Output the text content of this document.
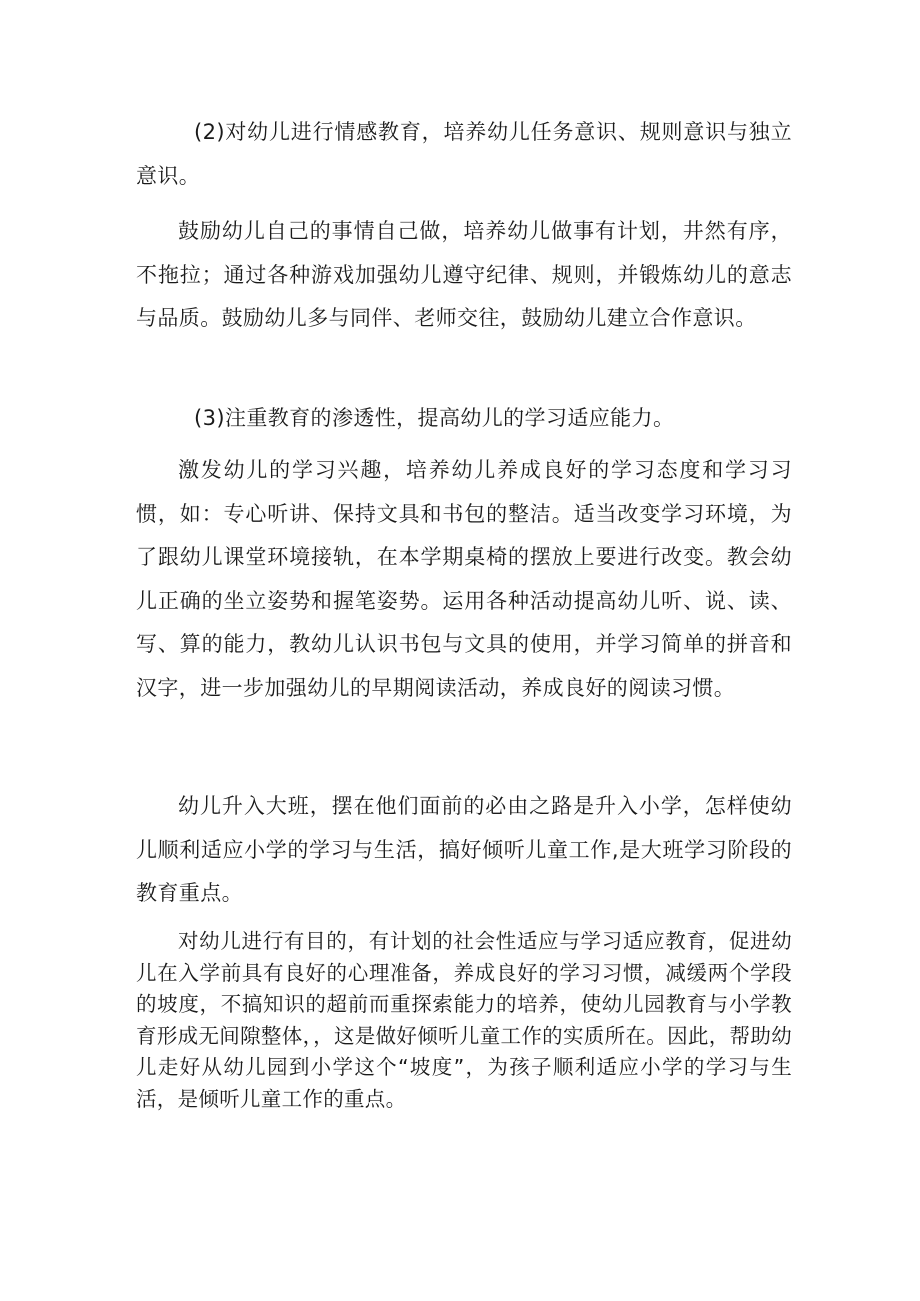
(2)对幼儿进行情感教育，培养幼儿任务意识、规则意识与独立意识。

鼓励幼儿自己的事情自己做，培养幼儿做事有计划，井然有序，不拖拉；通过各种游戏加强幼儿遵守纪律、规则，并锻炼幼儿的意志与品质。鼓励幼儿多与同伴、老师交往，鼓励幼儿建立合作意识。

(3)注重教育的渗透性，提高幼儿的学习适应能力。

激发幼儿的学习兴趣，培养幼儿养成良好的学习态度和学习习惯，如：专心听讲、保持文具和书包的整洁。适当改变学习环境，为了跟幼儿课堂环境接轨，在本学期桌椅的摆放上要进行改变。教会幼儿正确的坐立姿势和握笔姿势。运用各种活动提高幼儿听、说、读、写、算的能力，教幼儿认识书包与文具的使用，并学习简单的拼音和汉字，进一步加强幼儿的早期阅读活动，养成良好的阅读习惯。

幼儿升入大班，摆在他们面前的必由之路是升入小学，怎样使幼儿顺利适应小学的学习与生活，搞好倾听儿童工作,是大班学习阶段的教育重点。

对幼儿进行有目的，有计划的社会性适应与学习适应教育，促进幼儿在入学前具有良好的心理准备，养成良好的学习习惯，减缓两个学段的坡度，不搞知识的超前而重探索能力的培养，使幼儿园教育与小学教育形成无间隙整体，，这是做好倾听儿童工作的实质所在。因此，帮助幼儿走好从幼儿园到小学这个“坡度”，为孩子顺利适应小学的学习与生活，是倾听儿童工作的重点。
